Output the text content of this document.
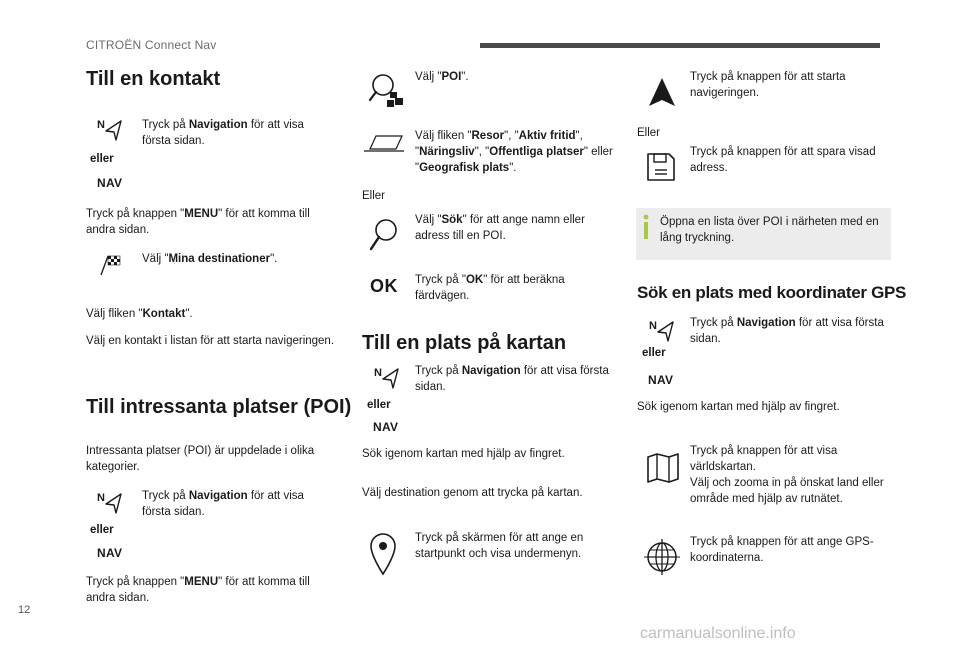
CITROËN Connect Nav
Till en kontakt
N
eller
NAV
Tryck på Navigation för att visa första sidan.
Tryck på knappen "MENU" för att komma till andra sidan.
Välj "Mina destinationer".
Välj fliken "Kontakt".
Välj en kontakt i listan för att starta navigeringen.
Till intressanta platser (POI)
Intressanta platser (POI) är uppdelade i olika kategorier.
N
eller
NAV
Tryck på Navigation för att visa första sidan.
Tryck på knappen "MENU" för att komma till andra sidan.
Välj "POI".
Välj fliken "Resor", "Aktiv fritid", "Näringsliv", "Offentliga platser" eller "Geografisk plats".
Eller
Välj "Sök" för att ange namn eller adress till en POI.
OK Tryck på "OK" för att beräkna färdvägen.
Till en plats på kartan
N
eller
NAV
Tryck på Navigation för att visa första sidan.
Sök igenom kartan med hjälp av fingret.
Välj destination genom att trycka på kartan.
Tryck på skärmen för att ange en startpunkt och visa undermenyn.
Tryck på knappen för att starta navigeringen.
Eller
Tryck på knappen för att spara visad adress.
Öppna en lista över POI i närheten med en lång tryckning.
Sök en plats med koordinater GPS
N
eller
NAV
Tryck på Navigation för att visa första sidan.
Sök igenom kartan med hjälp av fingret.
Tryck på knappen för att visa världskartan.
Välj och zooma in på önskat land eller område med hjälp av rutnätet.
Tryck på knappen för att ange GPS-koordinaterna.
12
carmanualsonline.info
